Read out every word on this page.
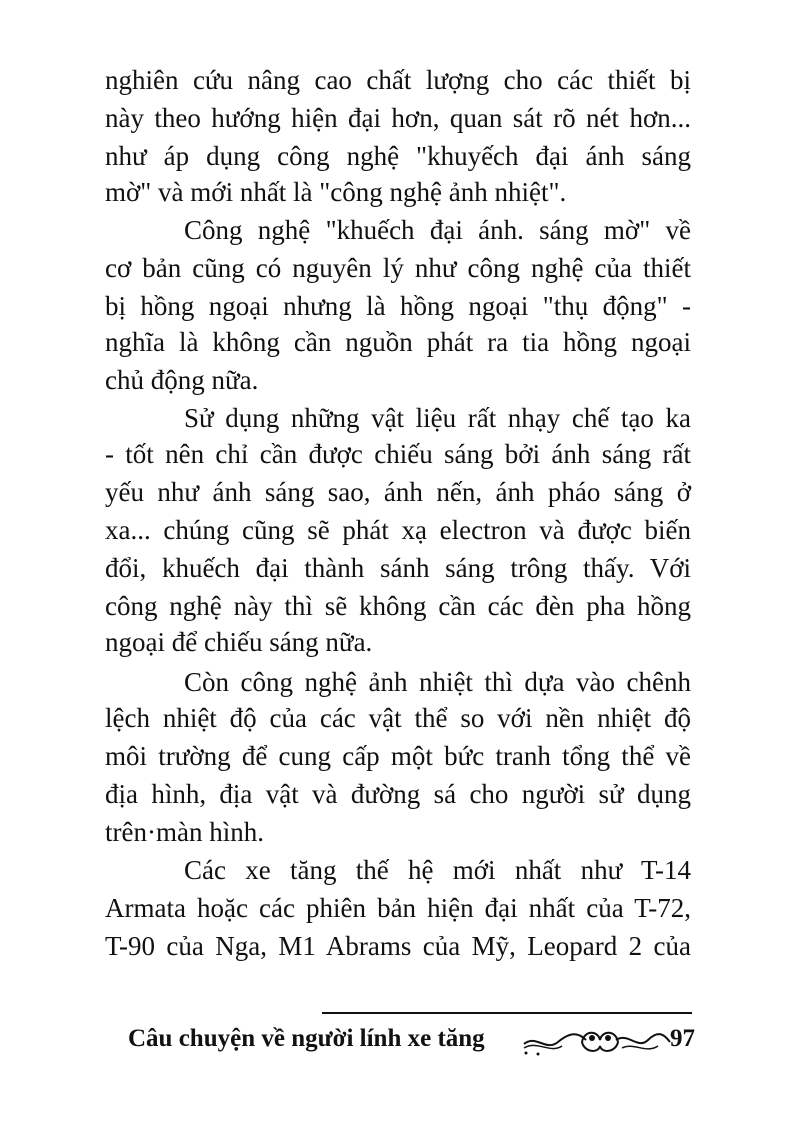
nghiên cứu nâng cao chất lượng cho các thiết bị

này theo hướng hiện đại hơn, quan sát rõ nét hơn...

như áp dụng công nghệ "khuyếch đại ánh sáng

mờ" và mới nhất là "công nghệ ảnh nhiệt".

Công nghệ "khuếch đại ánh. sáng mờ" về

cơ bản cũng có nguyên lý như công nghệ của thiết

bị hồng ngoại nhưng là hồng ngoại "thụ động" -

nghĩa là không cần nguồn phát ra tia hồng ngoại

chủ động nữa.

Sử dụng những vật liệu rất nhạy chế tạo ka

- tốt nên chỉ cần được chiếu sáng bởi ánh sáng rất

yếu như ánh sáng sao, ánh nến, ánh pháo sáng ở

xa... chúng cũng sẽ phát xạ electron và được biến

đổi, khuếch đại thành sánh sáng trông thấy. Với

công nghệ này thì sẽ không cần các đèn pha hồng

ngoại để chiếu sáng nữa.

Còn công nghệ ảnh nhiệt thì dựa vào chênh

lệch nhiệt độ của các vật thể so với nền nhiệt độ

môi trường để cung cấp một bức tranh tổng thể về

địa hình, địa vật và đường sá cho người sử dụng

trên·màn hình.

Các xe tăng thế hệ mới nhất như T-14

Armata hoặc các phiên bản hiện đại nhất của T-72,

T-90 của Nga, M1 Abrams của Mỹ, Leopard 2 của

Câu chuyện về người lính xe tăng	97
